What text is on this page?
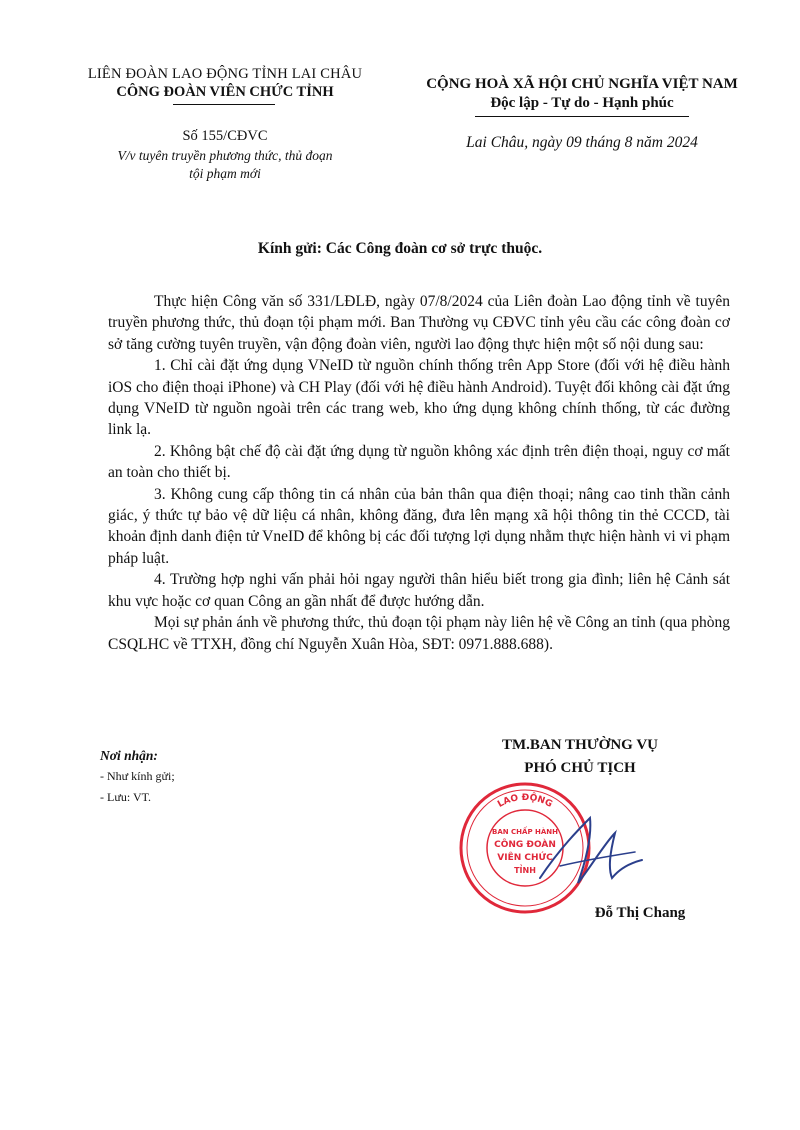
LIÊN ĐOÀN LAO ĐỘNG TỈNH LAI CHÂU
CÔNG ĐOÀN VIÊN CHỨC TỈNH
Số 155/CĐVC
V/v tuyên truyền phương thức, thủ đoạn
tội phạm mới
CỘNG HOÀ XÃ HỘI CHỦ NGHĨA VIỆT NAM
Độc lập - Tự do - Hạnh phúc
Lai Châu, ngày 09 tháng 8 năm 2024
Kính gửi: Các Công đoàn cơ sở trực thuộc.

Thực hiện Công văn số 331/LĐLĐ, ngày 07/8/2024 của Liên đoàn Lao động tỉnh về tuyên truyền phương thức, thủ đoạn tội phạm mới. Ban Thường vụ CĐVC tỉnh yêu cầu các công đoàn cơ sở tăng cường tuyên truyền, vận động đoàn viên, người lao động thực hiện một số nội dung sau:

1. Chỉ cài đặt ứng dụng VNeID từ nguồn chính thống trên App Store (đối với hệ điều hành iOS cho điện thoại iPhone) và CH Play (đối với hệ điều hành Android). Tuyệt đối không cài đặt ứng dụng VNeID từ nguồn ngoài trên các trang web, kho ứng dụng không chính thống, từ các đường link lạ.

2. Không bật chế độ cài đặt ứng dụng từ nguồn không xác định trên điện thoại, nguy cơ mất an toàn cho thiết bị.

3. Không cung cấp thông tin cá nhân của bản thân qua điện thoại; nâng cao tinh thần cảnh giác, ý thức tự bảo vệ dữ liệu cá nhân, không đăng, đưa lên mạng xã hội thông tin thẻ CCCD, tài khoản định danh điện tử VneID để không bị các đối tượng lợi dụng nhằm thực hiện hành vi vi phạm pháp luật.

4. Trường hợp nghi vấn phải hỏi ngay người thân hiểu biết trong gia đình; liên hệ Cảnh sát khu vực hoặc cơ quan Công an gần nhất để được hướng dẫn.

Mọi sự phản ánh về phương thức, thủ đoạn tội phạm này liên hệ về Công an tỉnh (qua phòng CSQLHC về TTXH, đồng chí Nguyễn Xuân Hòa, SĐT: 0971.888.688).

Nơi nhận:
- Như kính gửi;
- Lưu: VT.
TM.BAN THƯỜNG VỤ
PHÓ CHỦ TỊCH
LAO ĐỘNG
BAN CHẤP HÀNH
CÔNG ĐOÀN
VIÊN CHỨC
TỈNH
Đỗ Thị Chang
